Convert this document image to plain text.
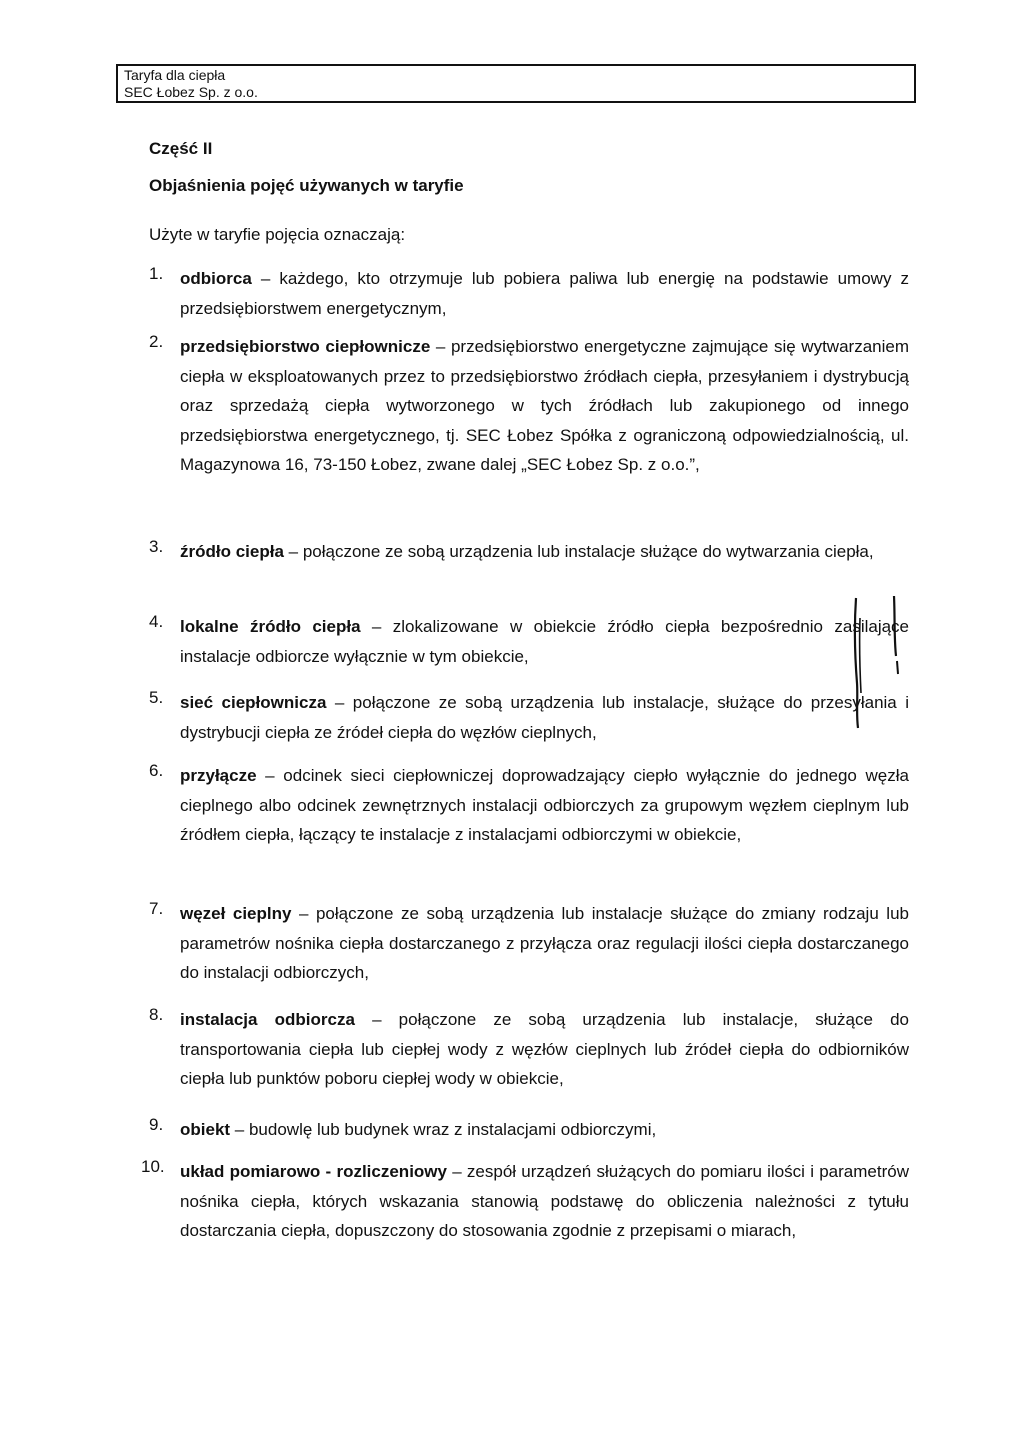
Taryfa dla ciepła
SEC Łobez Sp. z o.o.
Część II
Objaśnienia pojęć używanych w taryfie
Użyte w taryfie pojęcia oznaczają:
1. odbiorca – każdego, kto otrzymuje lub pobiera paliwa lub energię na podstawie umowy z przedsiębiorstwem energetycznym,
2. przedsiębiorstwo ciepłownicze – przedsiębiorstwo energetyczne zajmujące się wytwarzaniem ciepła w eksploatowanych przez to przedsiębiorstwo źródłach ciepła, przesyłaniem i dystrybucją oraz sprzedażą ciepła wytworzonego w tych źródłach lub zakupionego od innego przedsiębiorstwa energetycznego, tj. SEC Łobez Spółka z ograniczoną odpowiedzialnością, ul. Magazynowa 16, 73-150 Łobez, zwane dalej „SEC Łobez Sp. z o.o.”,
3. źródło ciepła – połączone ze sobą urządzenia lub instalacje służące do wytwarzania ciepła,
4. lokalne źródło ciepła – zlokalizowane w obiekcie źródło ciepła bezpośrednio zasilające instalacje odbiorcze wyłącznie w tym obiekcie,
5. sieć ciepłownicza – połączone ze sobą urządzenia lub instalacje, służące do przesyłania i dystrybucji ciepła ze źródeł ciepła do węzłów cieplnych,
6. przyłącze – odcinek sieci ciepłowniczej doprowadzający ciepło wyłącznie do jednego węzła cieplnego albo odcinek zewnętrznych instalacji odbiorczych za grupowym węzłem cieplnym lub źródłem ciepła, łączący te instalacje z instalacjami odbiorczymi w obiekcie,
7. węzeł cieplny – połączone ze sobą urządzenia lub instalacje służące do zmiany rodzaju lub parametrów nośnika ciepła dostarczanego z przyłącza oraz regulacji ilości ciepła dostarczanego do instalacji odbiorczych,
8. instalacja odbiorcza – połączone ze sobą urządzenia lub instalacje, służące do transportowania ciepła lub ciepłej wody z węzłów cieplnych lub źródeł ciepła do odbiorników ciepła lub punktów poboru ciepłej wody w obiekcie,
9. obiekt – budowlę lub budynek wraz z instalacjami odbiorczymi,
10. układ pomiarowo - rozliczeniowy – zespół urządzeń służących do pomiaru ilości i parametrów nośnika ciepła, których wskazania stanowią podstawę do obliczenia należności z tytułu dostarczania ciepła, dopuszczony do stosowania zgodnie z przepisami o miarach,
